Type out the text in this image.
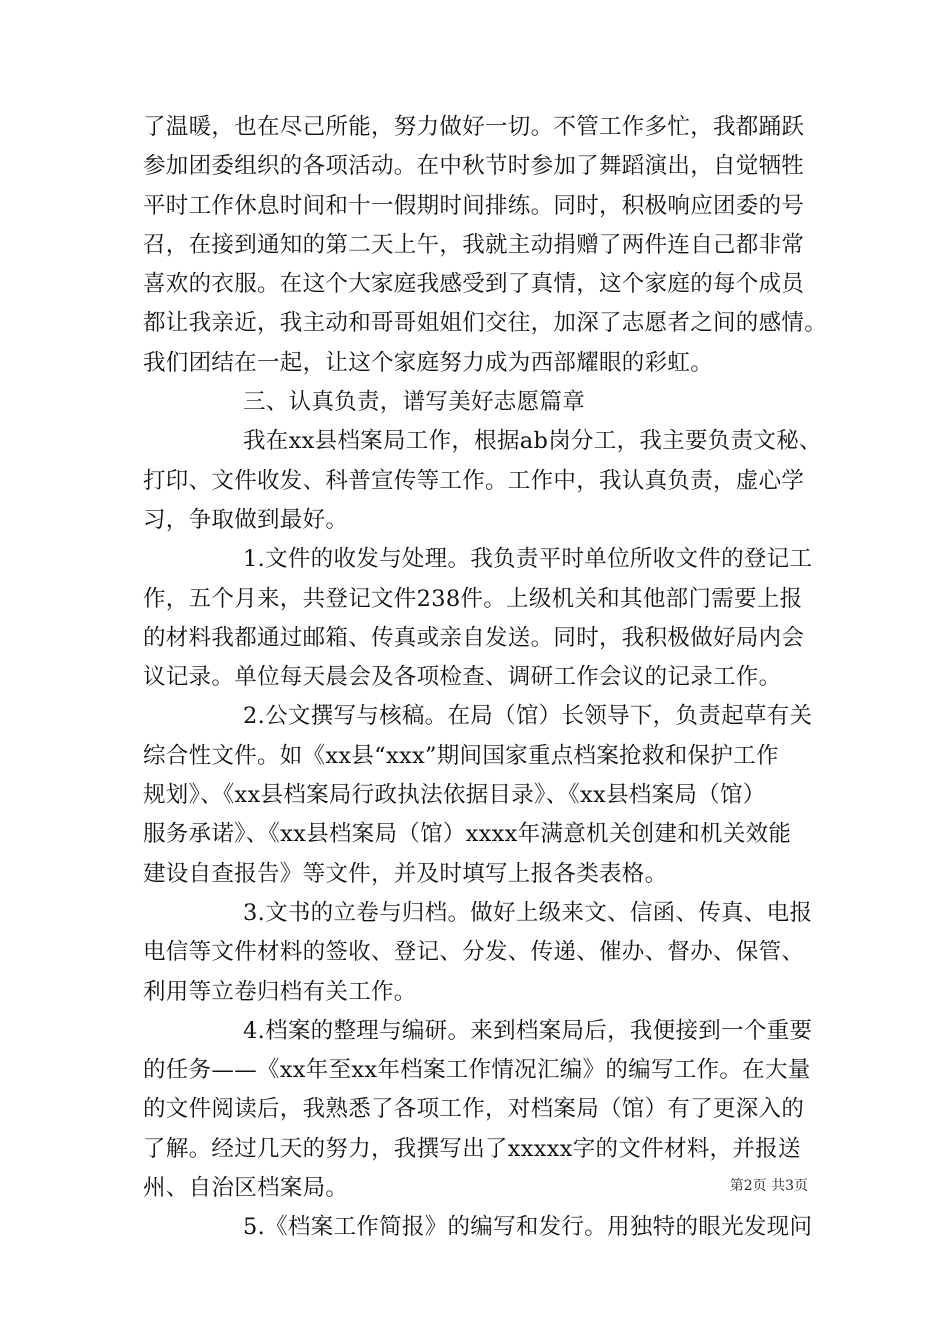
了温暖，也在尽己所能，努力做好一切。不管工作多忙，我都踊跃
参加团委组织的各项活动。在中秋节时参加了舞蹈演出，自觉牺牲
平时工作休息时间和十一假期时间排练。同时，积极响应团委的号
召，在接到通知的第二天上午，我就主动捐赠了两件连自己都非常
喜欢的衣服。在这个大家庭我感受到了真情，这个家庭的每个成员
都让我亲近，我主动和哥哥姐姐们交往，加深了志愿者之间的感情。
我们团结在一起，让这个家庭努力成为西部耀眼的彩虹。
三、认真负责，谱写美好志愿篇章
我在xx县档案局工作，根据ab岗分工，我主要负责文秘、
打印、文件收发、科普宣传等工作。工作中，我认真负责，虚心学
习，争取做到最好。
1.文件的收发与处理。我负责平时单位所收文件的登记工
作，五个月来，共登记文件238件。上级机关和其他部门需要上报
的材料我都通过邮箱、传真或亲自发送。同时，我积极做好局内会
议记录。单位每天晨会及各项检查、调研工作会议的记录工作。
2.公文撰写与核稿。在局（馆）长领导下，负责起草有关
综合性文件。如《xx县“xxx”期间国家重点档案抢救和保护工作
规划》、《xx县档案局行政执法依据目录》、《xx县档案局（馆）
服务承诺》、《xx县档案局（馆）xxxx年满意机关创建和机关效能
建设自查报告》等文件，并及时填写上报各类表格。
3.文书的立卷与归档。做好上级来文、信函、传真、电报
电信等文件材料的签收、登记、分发、传递、催办、督办、保管、
利用等立卷归档有关工作。
4.档案的整理与编研。来到档案局后，我便接到一个重要
的任务——《xx年至xx年档案工作情况汇编》的编写工作。在大量
的文件阅读后，我熟悉了各项工作，对档案局（馆）有了更深入的
了解。经过几天的努力，我撰写出了xxxxx字的文件材料，并报送
州、自治区档案局。
5.《档案工作简报》的编写和发行。用独特的眼光发现问
第2页 共3页
